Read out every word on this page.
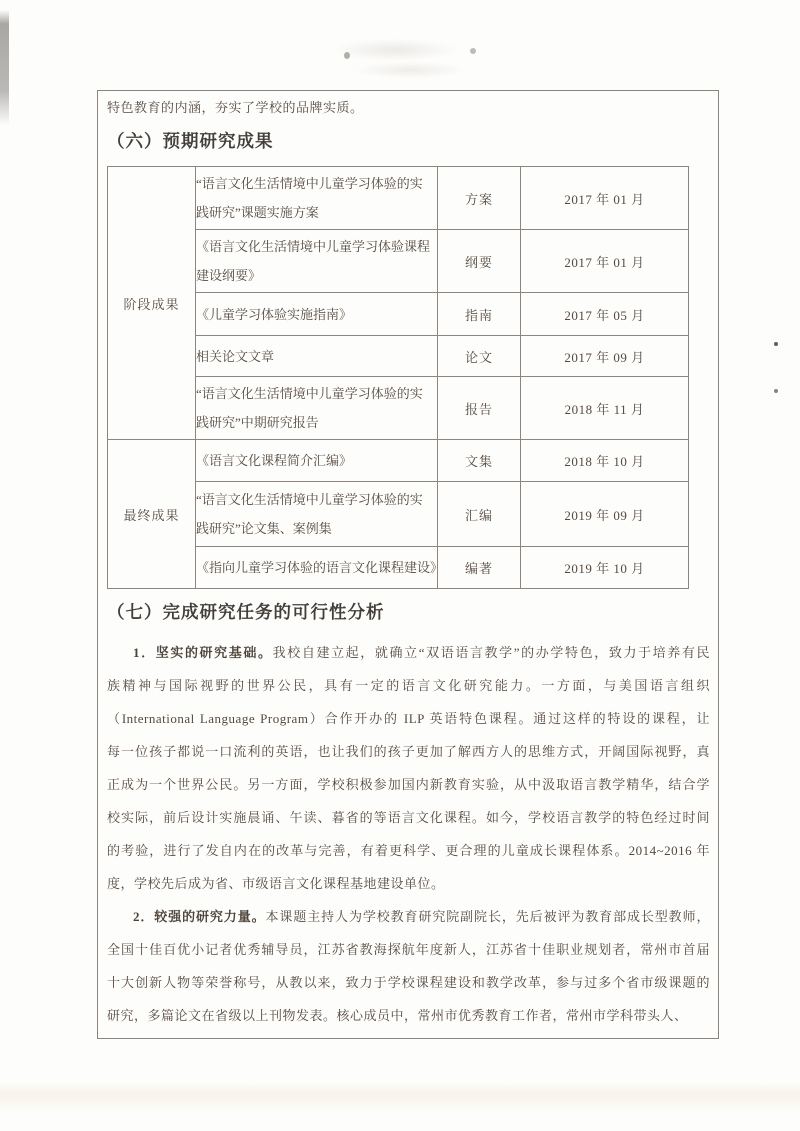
特色教育的内涵，夯实了学校的品牌实质。
（六）预期研究成果
阶段成果	“语言文化生活情境中儿童学习体验的实
践研究”课题实施方案	方案	2017 年 01 月

	《语言文化生活情境中儿童学习体验课程
建设纲要》	纲要	2017 年 01 月

	《儿童学习体验实施指南》	指南	2017 年 05 月

	相关论文文章	论文	2017 年 09 月

	“语言文化生活情境中儿童学习体验的实
践研究”中期研究报告	报告	2018 年 11 月
最终成果	《语言文化课程简介汇编》	文集	2018 年 10 月

	“语言文化生活情境中儿童学习体验的实
践研究”论文集、案例集	汇编	2019 年 09 月

	《指向儿童学习体验的语言文化课程建设》	编著	2019 年 10 月
（七）完成研究任务的可行性分析
1．坚实的研究基础。我校自建立起，就确立“双语语言教学”的办学特色，致力于培养有民
族精神与国际视野的世界公民，具有一定的语言文化研究能力。一方面，与美国语言组织
（International Language Program）合作开办的 ILP 英语特色课程。通过这样的特设的课程，让
每一位孩子都说一口流利的英语，也让我们的孩子更加了解西方人的思维方式，开阔国际视野，真
正成为一个世界公民。另一方面，学校积极参加国内新教育实验，从中汲取语言教学精华，结合学
校实际，前后设计实施晨诵、午读、暮省的等语言文化课程。如今，学校语言教学的特色经过时间
的考验，进行了发自内在的改革与完善，有着更科学、更合理的儿童成长课程体系。2014~2016 年
度，学校先后成为省、市级语言文化课程基地建设单位。
2．较强的研究力量。本课题主持人为学校教育研究院副院长，先后被评为教育部成长型教师，
全国十佳百优小记者优秀辅导员，江苏省教海探航年度新人，江苏省十佳职业规划者，常州市首届
十大创新人物等荣誉称号，从教以来，致力于学校课程建设和教学改革，参与过多个省市级课题的
研究，多篇论文在省级以上刊物发表。核心成员中，常州市优秀教育工作者，常州市学科带头人、
